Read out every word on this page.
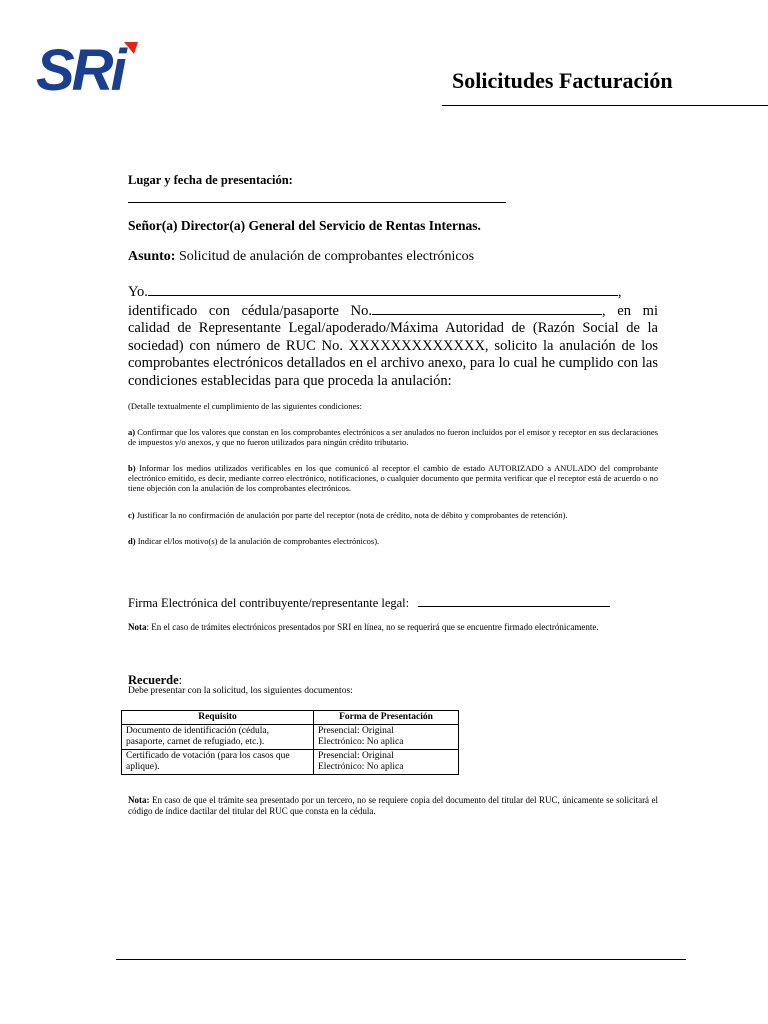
SRi	Solicitudes Facturación
Lugar y fecha de presentación:
Señor(a) Director(a) General del Servicio de Rentas Internas.
Asunto: Solicitud de anulación de comprobantes electrónicos
Yo.	,
identificado con cédula/pasaporte No.	, en mi calidad de Representante Legal/apoderado/Máxima Autoridad de (Razón Social de la sociedad) con número de RUC No. XXXXXXXXXXXXX, solicito la anulación de los comprobantes electrónicos detallados en el archivo anexo, para lo cual he cumplido con las condiciones establecidas para que proceda la anulación:
(Detalle textualmente el cumplimiento de las siguientes condiciones:
a) Confirmar que los valores que constan en los comprobantes electrónicos a ser anulados no fueron incluidos por el emisor y receptor en sus declaraciones de impuestos y/o anexos, y que no fueron utilizados para ningún crédito tributario.
b) Informar los medios utilizados verificables en los que comunicó al receptor el cambio de estado AUTORIZADO a ANULADO del comprobante electrónico emitido, es decir, mediante correo electrónico, notificaciones, o cualquier documento que permita verificar que el receptor está de acuerdo o no tiene objeción con la anulación de los comprobantes electrónicos.
c) Justificar la no confirmación de anulación por parte del receptor (nota de crédito, nota de débito y comprobantes de retención).
d) Indicar el/los motivo(s) de la anulación de comprobantes electrónicos).
Firma Electrónica del contribuyente/representante legal:
Nota: En el caso de trámites electrónicos presentados por SRI en línea, no se requerirá que se encuentre firmado electrónicamente.
Recuerde:
Debe presentar con la solicitud, los siguientes documentos:
Requisito	Forma de Presentación
Documento de identificación (cédula, pasaporte, carnet de refugiado, etc.).	Presencial: Original
Electrónico: No aplica

Certificado de votación (para los casos que aplique).	Presencial: Original
Electrónico: No aplica
Nota: En caso de que el trámite sea presentado por un tercero, no se requiere copia del documento del titular del RUC, únicamente se solicitará el código de índice dactilar del titular del RUC que consta en la cédula.
